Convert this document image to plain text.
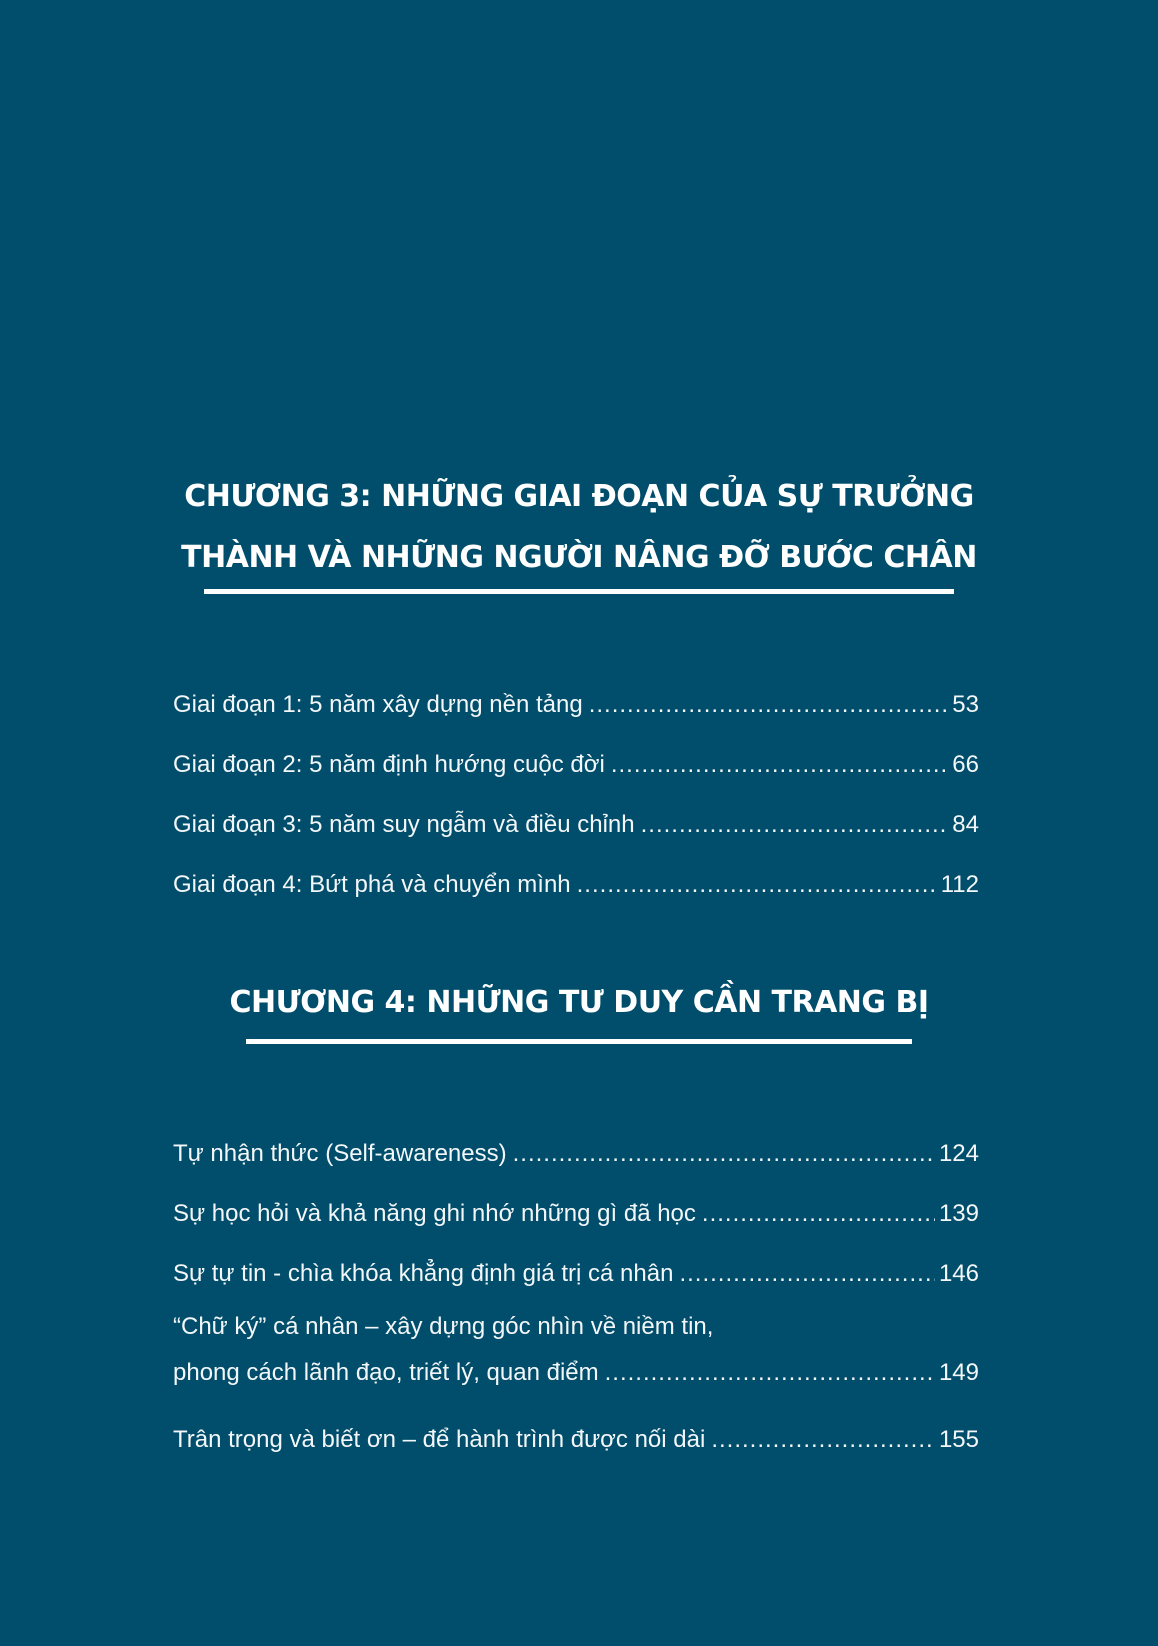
CHƯƠNG 3: NHỮNG GIAI ĐOẠN CỦA SỰ TRƯỞNG
THÀNH VÀ NHỮNG NGƯỜI NÂNG ĐỠ BƯỚC CHÂN
Giai đoạn 1: 5 năm xây dựng nền tảng .....	53
Giai đoạn 2: 5 năm định hướng cuộc đời .....	66
Giai đoạn 3: 5 năm suy ngẫm và điều chỉnh .....	84
Giai đoạn 4: Bứt phá và chuyển mình .....	112
CHƯƠNG 4: NHỮNG TƯ DUY CẦN TRANG BỊ
Tự nhận thức (Self-awareness) .....	124
Sự học hỏi và khả năng ghi nhớ những gì đã học .....	139
Sự tự tin - chìa khóa khẳng định giá trị cá nhân .....	146
“Chữ ký” cá nhân – xây dựng góc nhìn về niềm tin,
phong cách lãnh đạo, triết lý, quan điểm .....	149
Trân trọng và biết ơn – để hành trình được nối dài .....	155
